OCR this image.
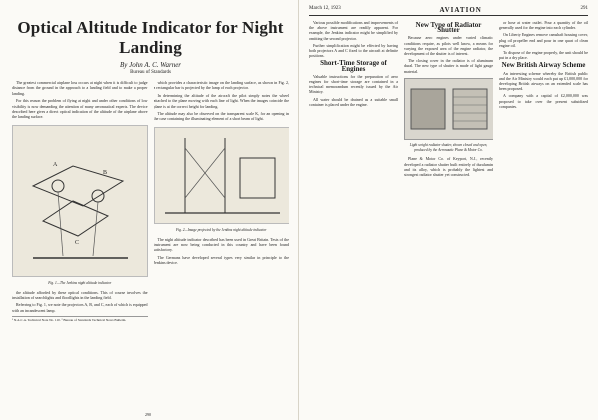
Optical Altitude Indicator for Night Landing
By John A. C. Warner
Bureau of Standards

The greatest commercial airplane loss occurs at night when it is difficult to judge distance from the ground in the approach to a landing field and to make a proper landing.

For this reason the problem of flying at night and under other conditions of low visibility is now demanding the attention of many aeronautical experts. The device described here gives a direct optical indication of the altitude of the airplane above the landing surface.

A
B
C
Fig. 1—The Jenkins night altitude indicator

the altitude afforded by these optical conditions. This of course involves the installation of searchlights and floodlights in the landing field.

Referring to Fig. 1, we note the projectors A, B, and C, each of which is equipped with an incandescent lamp.

¹ N.A.C.A. Technical Note No. 110. ² Bureau of Standards Technical News Bulletin.

which provides a characteristic image on the landing surface, as shown in Fig. 2, a rectangular bar is projected by the lamp of each projector.

In determining the altitude of the aircraft the pilot simply notes the wheel attached to the plane moving with each line of light. When the images coincide the plane is at the correct height for landing.

The altitude may also be observed on the transparent scale K, for an opening in the case containing the illuminating element of a short beam of light.

Fig. 2—Image projected by the Jenkins night altitude indicator

The night altitude indicator described has been used in Great Britain. Tests of the instrument are now being conducted in this country and have been found satisfactory.

The Germans have developed several types very similar in principle to the Jenkins device.

290
March 12, 1923	AVIATION	291

Various possible modifications and improvements of the above instrument are readily apparent. For example, the Jenkins indicator might be simplified by omitting the second projector.

Further simplification might be effected by having both projectors A and C fixed to the aircraft at definite positions.

Short-Time Storage of Engines

Valuable instructions for the preparation of aero engines for short-time storage are contained in a technical memorandum recently issued by the Air Ministry.

All water should be drained as a suitable small container is placed under the engine.

New Type of Radiator Shutter

Because aero engines under varied climatic conditions require, as pilots well know, a means for varying the exposed area of the engine radiator, the development of the shutter is of interest.

The closing cover in the radiator is of aluminum dural. The new type of shutter is made of light gauge material.

Light weight radiator shutter, shown closed and open, produced by the Aeronautic Plane & Motor Co.

Plane & Motor Co. of Keyport, N.J., recently developed a radiator shutter built entirely of duralumin and its alloy, which is probably the lightest and strongest radiator shutter yet constructed.

or hose at water outlet. Pour a quantity of the oil generally used for the engine into each cylinder.

On Liberty Engines remove camshaft housing cover, plug oil propeller end and pour in one quart of clean engine oil.

To dispose of the engine properly, the unit should be put in a dry place.

New British Airway Scheme

An interesting scheme whereby the British public and the Air Ministry would each put up £1,000,000 for developing British airways on an extended scale has been proposed.

A company with a capital of £2,000,000 was proposed to take over the present subsidized companies.
